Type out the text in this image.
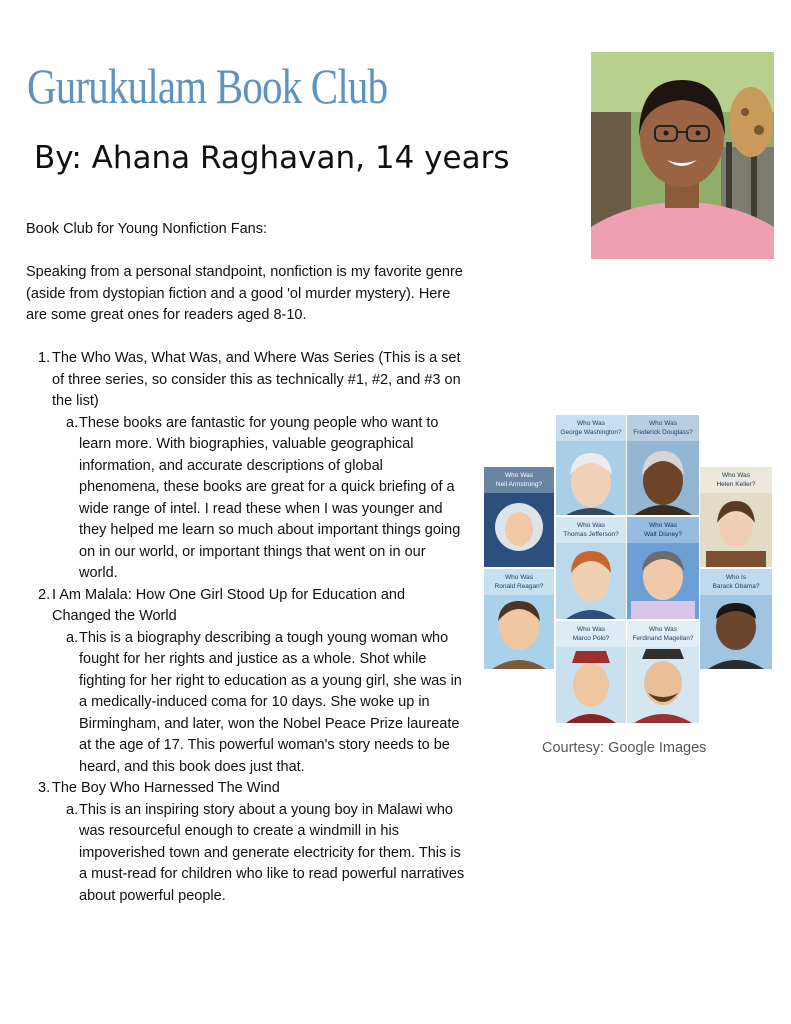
Gurukulam Book Club
By: Ahana Raghavan, 14 years

Book Club for Young Nonfiction Fans:

Speaking from a personal standpoint, nonfiction is my favorite genre (aside from dystopian fiction and a good 'ol murder mystery). Here are some great ones for readers aged 8-10.

1. The Who Was, What Was, and Where Was Series (This is a set of three series, so consider this as technically #1, #2, and #3 on the list)
a. These books are fantastic for young people who want to learn more. With biographies, valuable geographical information, and accurate descriptions of global phenomena, these books are great for a quick briefing of a wide range of intel. I read these when I was younger and they helped me learn so much about important things going on in our world, or important things that went on in our world.
2. I Am Malala: How One Girl Stood Up for Education and Changed the World
a. This is a biography describing a tough young woman who fought for her rights and justice as a whole. Shot while fighting for her right to education as a young girl, she was in a medically-induced coma for 10 days. She woke up in Birmingham, and later, won the Nobel Peace Prize laureate at the age of 17. This powerful woman's story needs to be heard, and this book does just that.
3. The Boy Who Harnessed The Wind
a. This is an inspiring story about a young boy in Malawi who was resourceful enough to create a windmill in his impoverished town and generate electricity for them. This is a must-read for children who like to read powerful narratives about powerful people.
Who Was
George Washington?
Who Was
Frederick Douglass?
Who Was
Neil Armstrong?
Who Was
Helen Keller?
Who Was
Thomas Jefferson?
Who Was
Walt Disney?
Who Was
Ronald Reagan?
Who Is
Barack Obama?
Who Was
Marco Polo?
Who Was
Ferdinand Magellan?
Courtesy: Google Images
